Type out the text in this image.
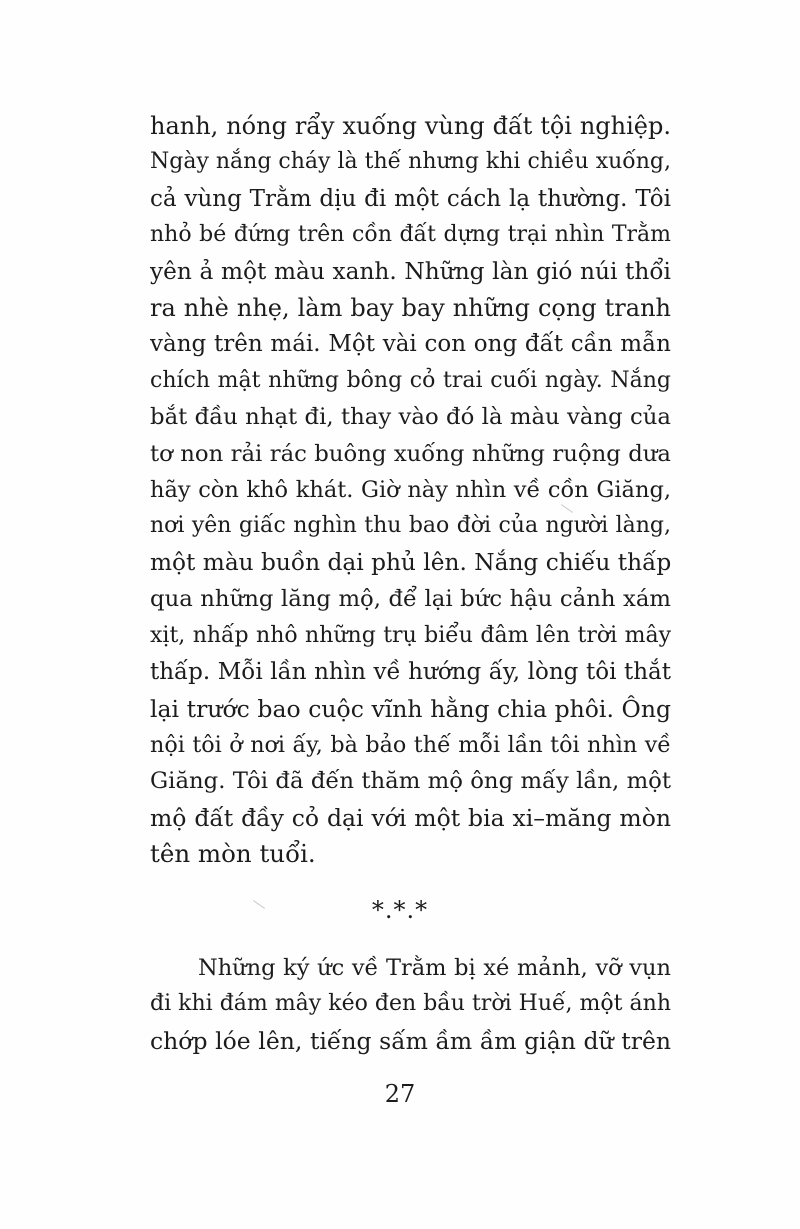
hanh, nóng rẩy xuống vùng đất tội nghiệp.
Ngày nắng cháy là thế nhưng khi chiều xuống,
cả vùng Trằm dịu đi một cách lạ thường. Tôi
nhỏ bé đứng trên cồn đất dựng trại nhìn Trằm
yên ả một màu xanh. Những làn gió núi thổi
ra nhè nhẹ, làm bay bay những cọng tranh
vàng trên mái. Một vài con ong đất cần mẫn
chích mật những bông cỏ trai cuối ngày. Nắng
bắt đầu nhạt đi, thay vào đó là màu vàng của
tơ non rải rác buông xuống những ruộng dưa
hãy còn khô khát. Giờ này nhìn về cồn Giăng,
nơi yên giấc nghìn thu bao đời của người làng,
một màu buồn dại phủ lên. Nắng chiếu thấp
qua những lăng mộ, để lại bức hậu cảnh xám
xịt, nhấp nhô những trụ biểu đâm lên trời mây
thấp. Mỗi lần nhìn về hướng ấy, lòng tôi thắt
lại trước bao cuộc vĩnh hằng chia phôi. Ông
nội tôi ở nơi ấy, bà bảo thế mỗi lần tôi nhìn về
Giăng. Tôi đã đến thăm mộ ông mấy lần, một
mộ đất đầy cỏ dại với một bia xi–măng mòn
tên mòn tuổi.
*.*.*
Những ký ức về Trằm bị xé mảnh, vỡ vụn
đi khi đám mây kéo đen bầu trời Huế, một ánh
chớp lóe lên, tiếng sấm ầm ầm giận dữ trên
27
